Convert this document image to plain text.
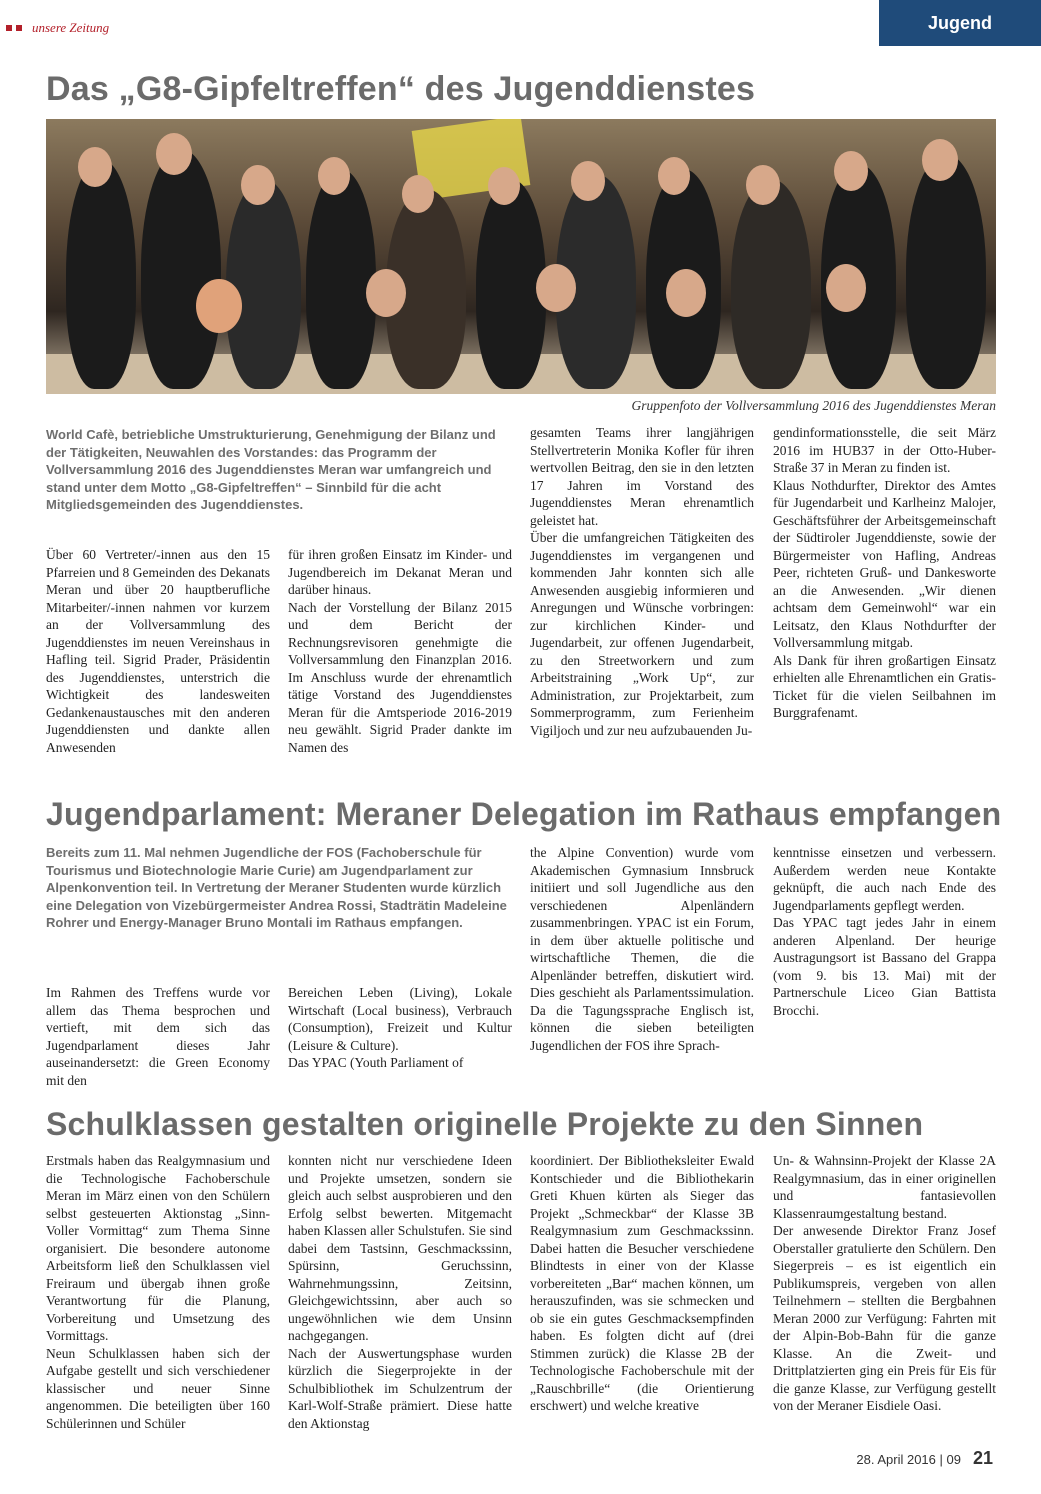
unsere Zeitung	Jugend
Das „G8-Gipfeltreffen“ des Jugenddienstes
Gruppenfoto der Vollversammlung 2016 des Jugenddienstes Meran

World Cafè, betriebliche Umstrukturierung, Genehmigung der Bilanz und der Tätigkeiten, Neuwahlen des Vorstandes: das Programm der Vollversammlung 2016 des Jugenddienstes Meran war umfangreich und stand unter dem Motto „G8-Gipfeltreffen“ – Sinnbild für die acht Mitgliedsgemeinden des Jugenddienstes.

Über 60 Vertreter/-innen aus den 15 Pfarreien und 8 Gemeinden des Dekanats Meran und über 20 hauptberufliche Mitarbeiter/-innen nahmen vor kurzem an der Vollversammlung des Jugenddienstes im neuen Vereinshaus in Hafling teil. Sigrid Prader, Präsidentin des Jugenddienstes, unterstrich die Wichtigkeit des landesweiten Gedankenaustausches mit den anderen Jugenddiensten und dankte allen Anwesenden

für ihren großen Einsatz im Kinder- und Jugendbereich im Dekanat Meran und darüber hinaus.
Nach der Vorstellung der Bilanz 2015 und dem Bericht der Rechnungsrevisoren genehmigte die Vollversammlung den Finanzplan 2016. Im Anschluss wurde der ehrenamtlich tätige Vorstand des Jugenddienstes Meran für die Amtsperiode 2016-2019 neu gewählt. Sigrid Prader dankte im Namen des

gesamten Teams ihrer langjährigen Stellvertreterin Monika Kofler für ihren wertvollen Beitrag, den sie in den letzten 17 Jahren im Vorstand des Jugenddienstes Meran ehrenamtlich geleistet hat.
Über die umfangreichen Tätigkeiten des Jugenddienstes im vergangenen und kommenden Jahr konnten sich alle Anwesenden ausgiebig informieren und Anregungen und Wünsche vorbringen: zur kirchlichen Kinder- und Jugendarbeit, zur offenen Jugendarbeit, zu den Streetworkern und zum Arbeitstraining „Work Up“, zur Administration, zur Projektarbeit, zum Sommerprogramm, zum Ferienheim Vigiljoch und zur neu aufzubauenden Ju-

gendinformationsstelle, die seit März 2016 im HUB37 in der Otto-Huber-Straße 37 in Meran zu finden ist.
Klaus Nothdurfter, Direktor des Amtes für Jugendarbeit und Karlheinz Malojer, Geschäftsführer der Arbeitsgemeinschaft der Südtiroler Jugenddienste, sowie der Bürgermeister von Hafling, Andreas Peer, richteten Gruß- und Dankesworte an die Anwesenden. „Wir dienen achtsam dem Gemeinwohl“ war ein Leitsatz, den Klaus Nothdurfter der Vollversammlung mitgab.
Als Dank für ihren großartigen Einsatz erhielten alle Ehrenamtlichen ein Gratis-Ticket für die vielen Seilbahnen im Burggrafenamt.

Jugendparlament: Meraner Delegation im Rathaus empfangen

Bereits zum 11. Mal nehmen Jugendliche der FOS (Fachoberschule für Tourismus und Biotechnologie Marie Curie) am Jugendparlament zur Alpenkonvention teil. In Vertretung der Meraner Studenten wurde kürzlich eine Delegation von Vizebürgermeister Andrea Rossi, Stadträtin Madeleine Rohrer und Energy-Manager Bruno Montali im Rathaus empfangen.

Im Rahmen des Treffens wurde vor allem das Thema besprochen und vertieft, mit dem sich das Jugendparlament dieses Jahr auseinandersetzt: die Green Economy mit den

Bereichen Leben (Living), Lokale Wirtschaft (Local business), Verbrauch (Consumption), Freizeit und Kultur (Leisure & Culture).
Das YPAC (Youth Parliament of

the Alpine Convention) wurde vom Akademischen Gymnasium Innsbruck initiiert und soll Jugendliche aus den verschiedenen Alpenländern zusammenbringen. YPAC ist ein Forum, in dem über aktuelle politische und wirtschaftliche Themen, die die Alpenländer betreffen, diskutiert wird. Dies geschieht als Parlamentssimulation. Da die Tagungssprache Englisch ist, können die sieben beteiligten Jugendlichen der FOS ihre Sprach-

kenntnisse einsetzen und verbessern. Außerdem werden neue Kontakte geknüpft, die auch nach Ende des Jugendparlaments gepflegt werden.
Das YPAC tagt jedes Jahr in einem anderen Alpenland. Der heurige Austragungsort ist Bassano del Grappa (vom 9. bis 13. Mai) mit der Partnerschule Liceo Gian Battista Brocchi.

Schulklassen gestalten originelle Projekte zu den Sinnen

Erstmals haben das Realgymnasium und die Technologische Fachoberschule Meran im März einen von den Schülern selbst gesteuerten Aktionstag „Sinn-Voller Vormittag“ zum Thema Sinne organisiert. Die besondere autonome Arbeitsform ließ den Schulklassen viel Freiraum und übergab ihnen große Verantwortung für die Planung, Vorbereitung und Umsetzung des Vormittags.
Neun Schulklassen haben sich der Aufgabe gestellt und sich verschiedener klassischer und neuer Sinne angenommen. Die beteiligten über 160 Schülerinnen und Schüler

konnten nicht nur verschiedene Ideen und Projekte umsetzen, sondern sie gleich auch selbst ausprobieren und den Erfolg selbst bewerten. Mitgemacht haben Klassen aller Schulstufen. Sie sind dabei dem Tastsinn, Geschmackssinn, Spürsinn, Geruchssinn, Wahrnehmungssinn, Zeitsinn, Gleichgewichtssinn, aber auch so ungewöhnlichen wie dem Unsinn nachgegangen.
Nach der Auswertungsphase wurden kürzlich die Siegerprojekte in der Schulbibliothek im Schulzentrum der Karl-Wolf-Straße prämiert. Diese hatte den Aktionstag

koordiniert. Der Bibliotheksleiter Ewald Kontschieder und die Bibliothekarin Greti Khuen kürten als Sieger das Projekt „Schmeckbar“ der Klasse 3B Realgymnasium zum Geschmackssinn. Dabei hatten die Besucher verschiedene Blindtests in einer von der Klasse vorbereiteten „Bar“ machen können, um herauszufinden, was sie schmecken und ob sie ein gutes Geschmacksempfinden haben. Es folgten dicht auf (drei Stimmen zurück) die Klasse 2B der Technologische Fachoberschule mit der „Rauschbrille“ (die Orientierung erschwert) und welche kreative

Un- & Wahnsinn-Projekt der Klasse 2A Realgymnasium, das in einer originellen und fantasievollen Klassenraumgestaltung bestand.
Der anwesende Direktor Franz Josef Oberstaller gratulierte den Schülern. Den Siegerpreis – es ist eigentlich ein Publikumspreis, vergeben von allen Teilnehmern – stellten die Bergbahnen Meran 2000 zur Verfügung: Fahrten mit der Alpin-Bob-Bahn für die ganze Klasse. An die Zweit- und Drittplatzierten ging ein Preis für Eis für die ganze Klasse, zur Verfügung gestellt von der Meraner Eisdiele Oasi.

28. April 2016 | 09 21
